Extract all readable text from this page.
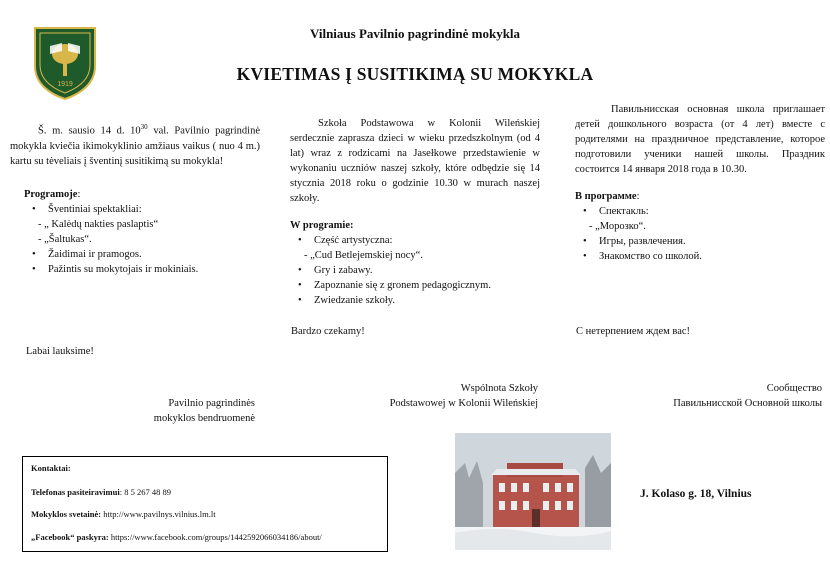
Vilniaus Pavilnio pagrindinė mokykla
KVIETIMAS Į SUSITIKIMĄ SU MOKYKLA
1919

Š. m. sausio 14 d. $10^{30}$ val. Pavilnio pagrindinė mokykla kviečia ikimokyklinio amžiaus vaikus ( nuo 4 m.) kartu su tėveliais į šventinį susitikimą su mokykla!

Programoje:
• Šventiniai spektakliai:
- „ Kalėdų nakties paslaptis“
- „Šaltukas“.
• Žaidimai ir pramogos.
• Pažintis su mokytojais ir mokiniais.
Labai lauksime!
Pavilnio pagrindinės
mokyklos bendruomenė

Szkoła Podstawowa w Kolonii Wileńskiej serdecznie zaprasza dzieci w wieku przedszkolnym (od 4 lat) wraz z rodzicami na Jasełkowe przedstawienie w wykonaniu uczniów naszej szkoły, które odbędzie się 14 stycznia 2018 roku o godzinie 10.30 w murach naszej szkoły.

W programie:
• Część artystyczna:
- „Cud Betlejemskiej nocy“.
• Gry i zabawy.
• Zapoznanie się z gronem pedagogicznym.
• Zwiedzanie szkoły.
Bardzo czekamy!
Wspólnota Szkoły
Podstawowej w Kolonii Wileńskiej

Павильнисская основная школа приглашает детей дошкольного возраста (от 4 лет) вместе с родителями на праздничное представление, которое подготовили ученики нашей школы. Праздник состоится 14 января 2018 года в 10.30.

В программе:
• Спектакль:
- „Морозко“.
• Игры, развлечения.
• Знакомство со школой.
С нетерпением ждем вас!
Сообщество
Павильнисской Основной школы
Kontaktai:
Telefonas pasiteiravimui: 8 5 267 48 89
Mokyklos svetainė: http://www.pavilnys.vilnius.lm.lt
„Facebook“ paskyra: https://www.facebook.com/groups/1442592066034186/about/
J. Kolaso g. 18, Vilnius
